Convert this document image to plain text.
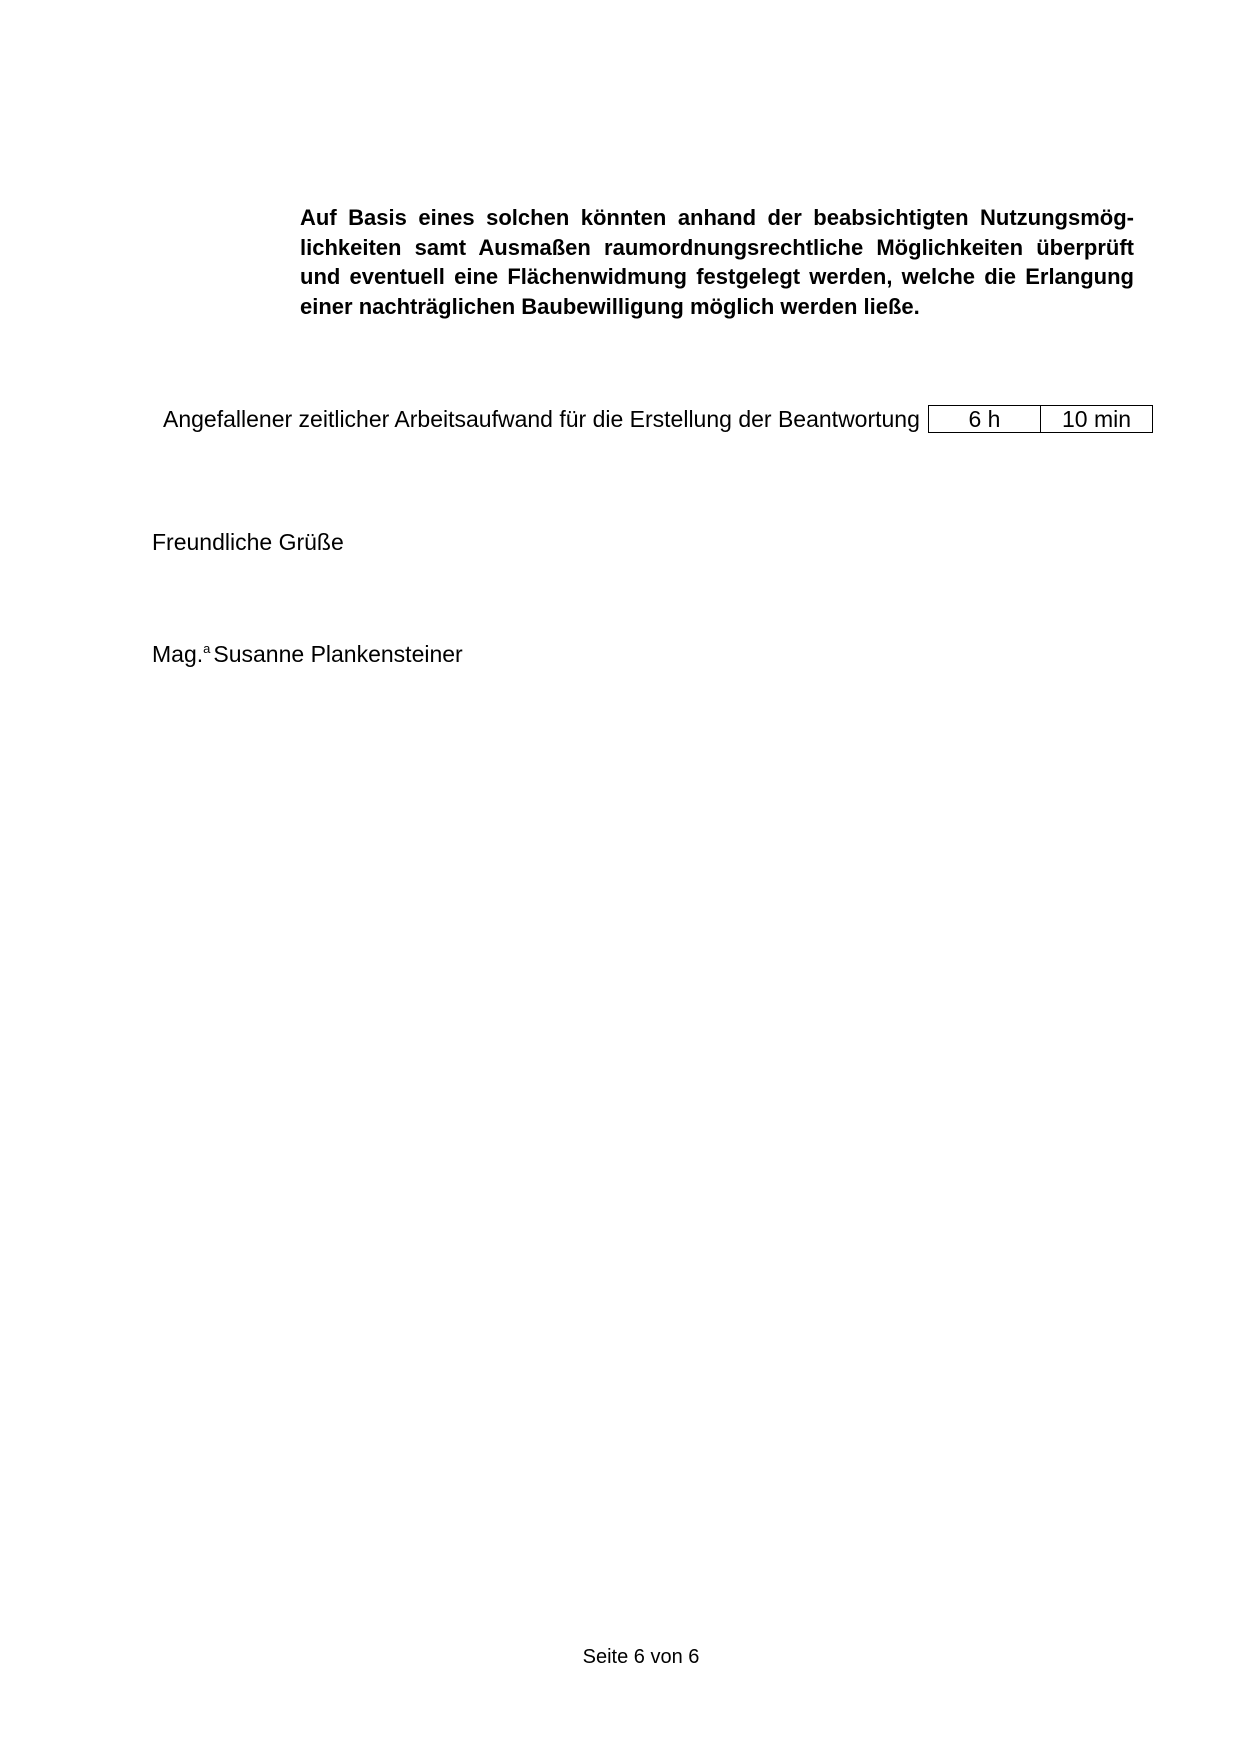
Auf Basis eines solchen könnten anhand der beabsichtigten Nutzungsmög-
lichkeiten samt Ausmaßen raumordnungsrechtliche Möglichkeiten überprüft
und eventuell eine Flächenwidmung festgelegt werden, welche die Erlangung
einer nachträglichen Baubewilligung möglich werden ließe.
Angefallener zeitlicher Arbeitsaufwand für die Erstellung der Beantwortung	6 h	10 min

Freundliche Grüße

Mag.$^a$ Susanne Plankensteiner

Seite 6 von 6
